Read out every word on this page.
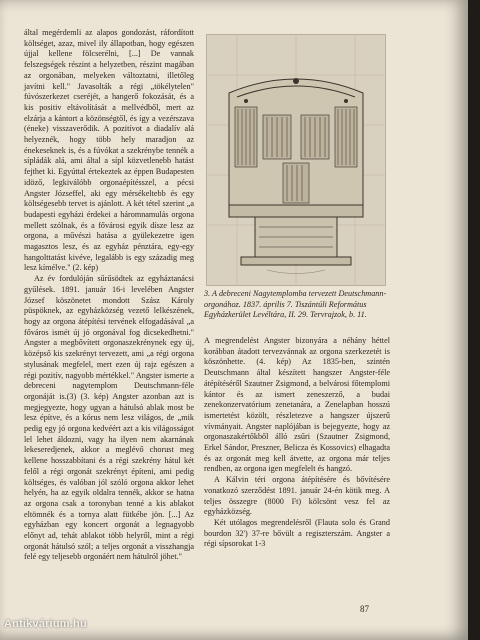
által megérdemli az alapos gondozást, ráfordított költséget, azaz, mivel ily állapotban, hogy egészen újjal kellene fölcserélni, [...] De vannak felszegségek részint a helyzetben, részint magában az orgonában, melyeken változtatni, illetőleg javítni kell." Javasolták a régi „tökélytelen" fúvószerkezet cseréjét, a hangerő fokozását, és a kis positiv eltávolítását a mellvédből, mert az elzárja a kántort a közönségtől, és így a vezérszava (éneke) visszaverődik. A pozitívot a diadalív alá helyeznék, hogy több hely maradjon az énekeseknek is, és a fúvókat a szekrénybe tennék a sípládák alá, ami által a sípl közvetlenebb hatást fejthet ki. Egyúttal értekeztek az éppen Budapesten idöző, legkiválóbb orgonaépítésszel, a pécsi Angster Józseffel, aki egy mérsékeltebb és egy költségesebb tervet is ajánlott. A két tétel szerint „a budapesti egyházi érdekei a háromnamulás orgona mellett szólnak, és a fővárosi egyik dísze lesz az orgona, a művészi hatása a gyülekezetre igen magasztos lesz, és az egyház pénztára, egy-egy hangolttatást kivéve, legalább is egy századig meg lesz kímélve." (2. kép)

Az év fordulóján sűrűsödtek az egyháztanácsi gyűlések. 1891. január 16-i levelében Angster József köszönetet mondott Szász Károly püspöknek, az egyházközség vezető lelkészének, hogy az orgona átépítési tervének elfogadásával „a főváros ismét új jó orgonával fog dicsekedhetni." Angster a megbővített orgonaszekrénynek egy új, középső kis szekrényt tervezett, ami „a régi orgona stylusának megfelel, mert ezen új rajz egészen a régi pozitív, nagyobb mértékkel." Angster ismerte a debreceni nagytemplom Deutschmann-féle orgonáját is.(3) (3. kép) Angster azonban azt is megjegyezte, hogy ugyan a hátulsó ablak most be lesz építve, és a kórus nem lesz világos, de „mik pedig egy jó orgona kedvéért azt a kis világosságot lel lehet áldozni, vagy ha ilyen nem akarnának lekeseredjenek, akkor a meglévő chorust meg kellene hosszabbítani és a régi szekrény hátul két felől a régi orgonát szekrényt építeni, ami pedig költséges, és valóban jól szóló orgona akkor lehet helyén, ha az egyik oldalra tennék, akkor se hatna az orgona csak a toronyban tenné a kis ablakot eltömnék és a tornya alatt fütkébe jön. [...] Az egyházban egy koncert orgonát a legnagyobb előnyt ad, tehát ablakot több helyről, mint a régi orgonát hátulsó szól; a teljes orgonát a visszhangja felé egy teljesebb orgonáért nem hátulról jöhet."

3. A debreceni Nagytemplomba tervezett Deutschmann-orgonához. 1837. április 7. Tiszántúli Református Egyházkerület Levéltára, II. 29. Tervrajzok, b. 11.

A megrendelést Angster bizonyára a néhány héttel korábban átadott tervezvánnak az orgona szerkezetét is köszönhette. (4. kép) Az 1835-ben, szintén Deutschmann által készített hangszer Angster-féle átépítéséről Szautner Zsigmond, a belvárosi főtemplomi kántor és az ismert zeneszerző, a budai zenekonzervatórium zenetanára, a Zenelapban hosszú ismertetést közölt, részletezve a hangszer újszerű vívmányait. Angster naplójában is bejegyezte, hogy az orgonaszakértőkből álló zsűri (Szautner Zsigmond, Erkel Sándor, Preszner, Belicza és Kossovics) elhagadta és az orgonát meg kell átvette, az orgona már teljes rendben, az orgona igen megfelelt és hangzó.

A Kálvin téri orgona átépítésére és bővítésére vonatkozó szerződést 1891. január 24-én kötik meg. A teljes összegre (8000 Ft) kölcsönt vesz fel az egyházközség.

Két utólagos megrendelésről (Flauta solo és Grand bourdon 32') 37-re bővült a regiszterszám. Angster a régi sípsorokat 1-3

87
Antikvárium.hu
